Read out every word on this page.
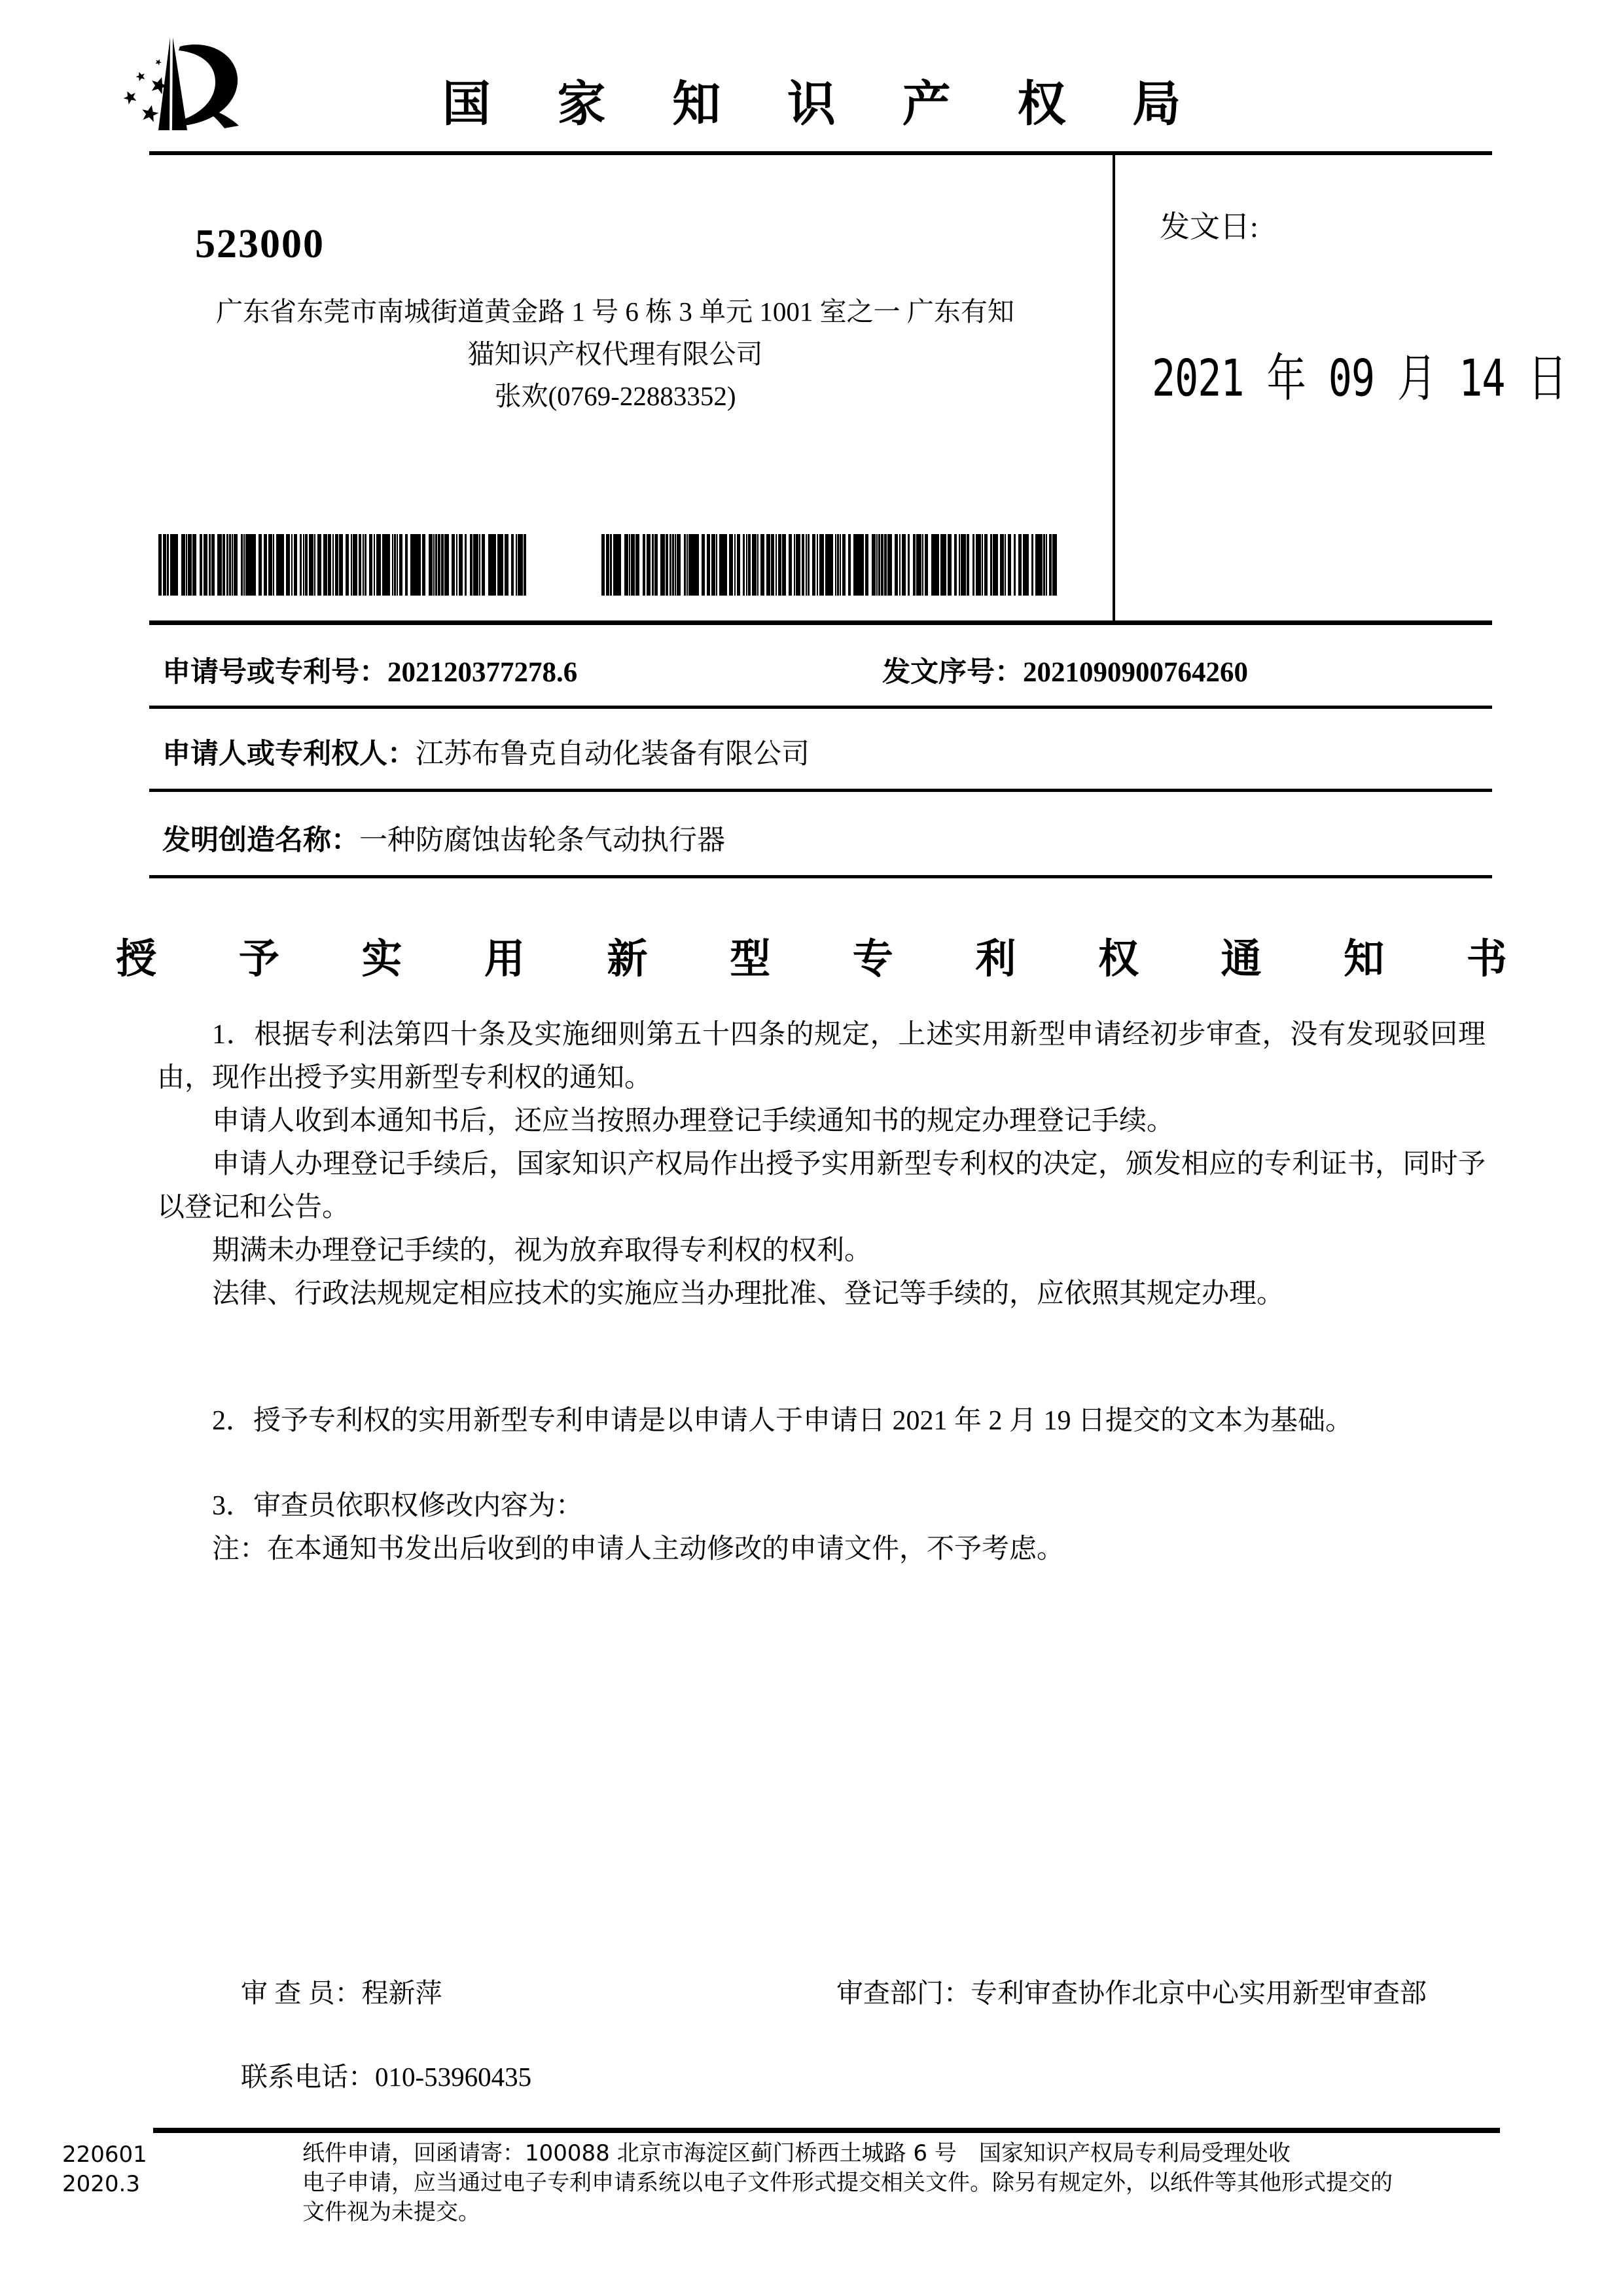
国 家 知 识 产 权 局
523000
广东省东莞市南城街道黄金路 1 号 6 栋 3 单元 1001 室之一 广东有知
猫知识产权代理有限公司
张欢(0769-22883352)
发文日:
2021 年 09 月 14 日
申请号或专利号：202120377278.6	发文序号：2021090900764260
申请人或专利权人：江苏布鲁克自动化装备有限公司
发明创造名称：一种防腐蚀齿轮条气动执行器
授 予 实 用 新 型 专 利 权 通 知 书

1．根据专利法第四十条及实施细则第五十四条的规定，上述实用新型申请经初步审查，没有发现驳回理由，现作出授予实用新型专利权的通知。

申请人收到本通知书后，还应当按照办理登记手续通知书的规定办理登记手续。

申请人办理登记手续后，国家知识产权局作出授予实用新型专利权的决定，颁发相应的专利证书，同时予以登记和公告。

期满未办理登记手续的，视为放弃取得专利权的权利。

法律、行政法规规定相应技术的实施应当办理批准、登记等手续的，应依照其规定办理。

2．授予专利权的实用新型专利申请是以申请人于申请日 2021 年 2 月 19 日提交的文本为基础。

3．审查员依职权修改内容为：

注：在本通知书发出后收到的申请人主动修改的申请文件，不予考虑。

审 查 员：程新萍	审查部门：专利审查协作北京中心实用新型审查部
联系电话：010-53960435
220601
2020.3
纸件申请，回函请寄：100088 北京市海淀区蓟门桥西土城路 6 号　国家知识产权局专利局受理处收
电子申请，应当通过电子专利申请系统以电子文件形式提交相关文件。除另有规定外，以纸件等其他形式提交的
文件视为未提交。
